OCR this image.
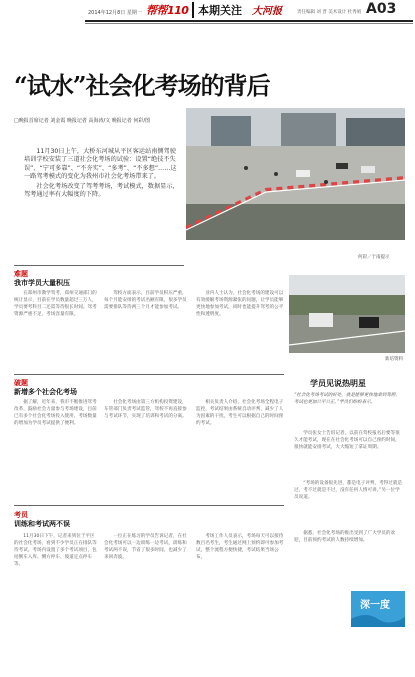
2014年12月8日 星期一 帮帮110 本期关注 大河报	责任编辑 刘 晋 美术设计 杜秀娟 A03
“试水”社会化考场的背后
□晚报首席记者 刘金霞 晚报记者 高海涛/文 晚报记者 何彩/图

11月30日上午，大桥东河城从平区客运站南侧驾驶培训学校安装了三道社会化考场的试验：设置“绝技不失误”、“宁可多靠”、“不夯实”、“多考”、“不多想”……这一路驾考模式的变化为我州市社会化考场带来了。

社会化考场改变了驾考考场，考试模式，数据显示，驾考通过率有大幅度的下降。

何彩／于南提示
难题
我市学员大量积压

在郑州市教学驾考，郑州交通部门的统计显示，目前在学员数量超过三万人，学员要考科目二还需等待很长时间。驾考资源严重不足，考场容量有限。

驾校方面表示，目前学员积压严重，每个月能安排的考试名额有限，很多学员需要排队等待两三个月才能参加考试。

业内人士认为，社会化考场的建设可以有效缓解考场资源紧张的问题，让学员能够更快地参加考试，同时也能提升驾考的公平性和透明度。

新培资料
破题
新增多个社会化考场

据了解，近年来，我市不断推进驾考改革，鼓励社会力量参与考场建设，目前已有多个社会化考场投入使用，考场数量的增加为学员考试提供了便利。

社会化考场由第三方机构投资建设，车管部门负责考试监管，驾校不再直接参与考试环节，实现了培训和考试的分离。

相关负责人介绍，社会化考场全程电子监控，考试结果由系统自动评判，减少了人为因素的干扰，考生可以根据自己的时间预约考试。

考员
训练和考试两不误

11月30日下午，记者来到位于平区的社会化考场，看到不少学员正在排队等待考试。考场内设置了多个考试项目，包括倒车入库、侧方停车、坡道定点停车等。

一位正在练习的学员告诉记者，在社会化考场可以一边训练一边考试，训练和考试两不误，节省了很多时间，也减少了来回奔波。

考场工作人员表示，考场每天可以接待数百名考生，考生通过网上预约即可参加考试，整个流程方便快捷，考试结果当场公布。

学员见说热明星
“社会化考场考试的好处，就是能够更快地拿到驾照，考试也更加公平公正。”学员们纷纷表示。

学员张女士告诉记者，以前在驾校报名后要等很久才能考试，现在在社会化考场可以自己预约时间，很快就能安排考试，大大缩短了拿证周期。

“考场的设备很先进，都是电子评判，考得过就是过，考不过就是不过，没有任何人情可讲。”另一位学员说道。

据悉，社会化考场的推出受到了广大学员的欢迎，目前预约考试的人数持续增加。

深一度
